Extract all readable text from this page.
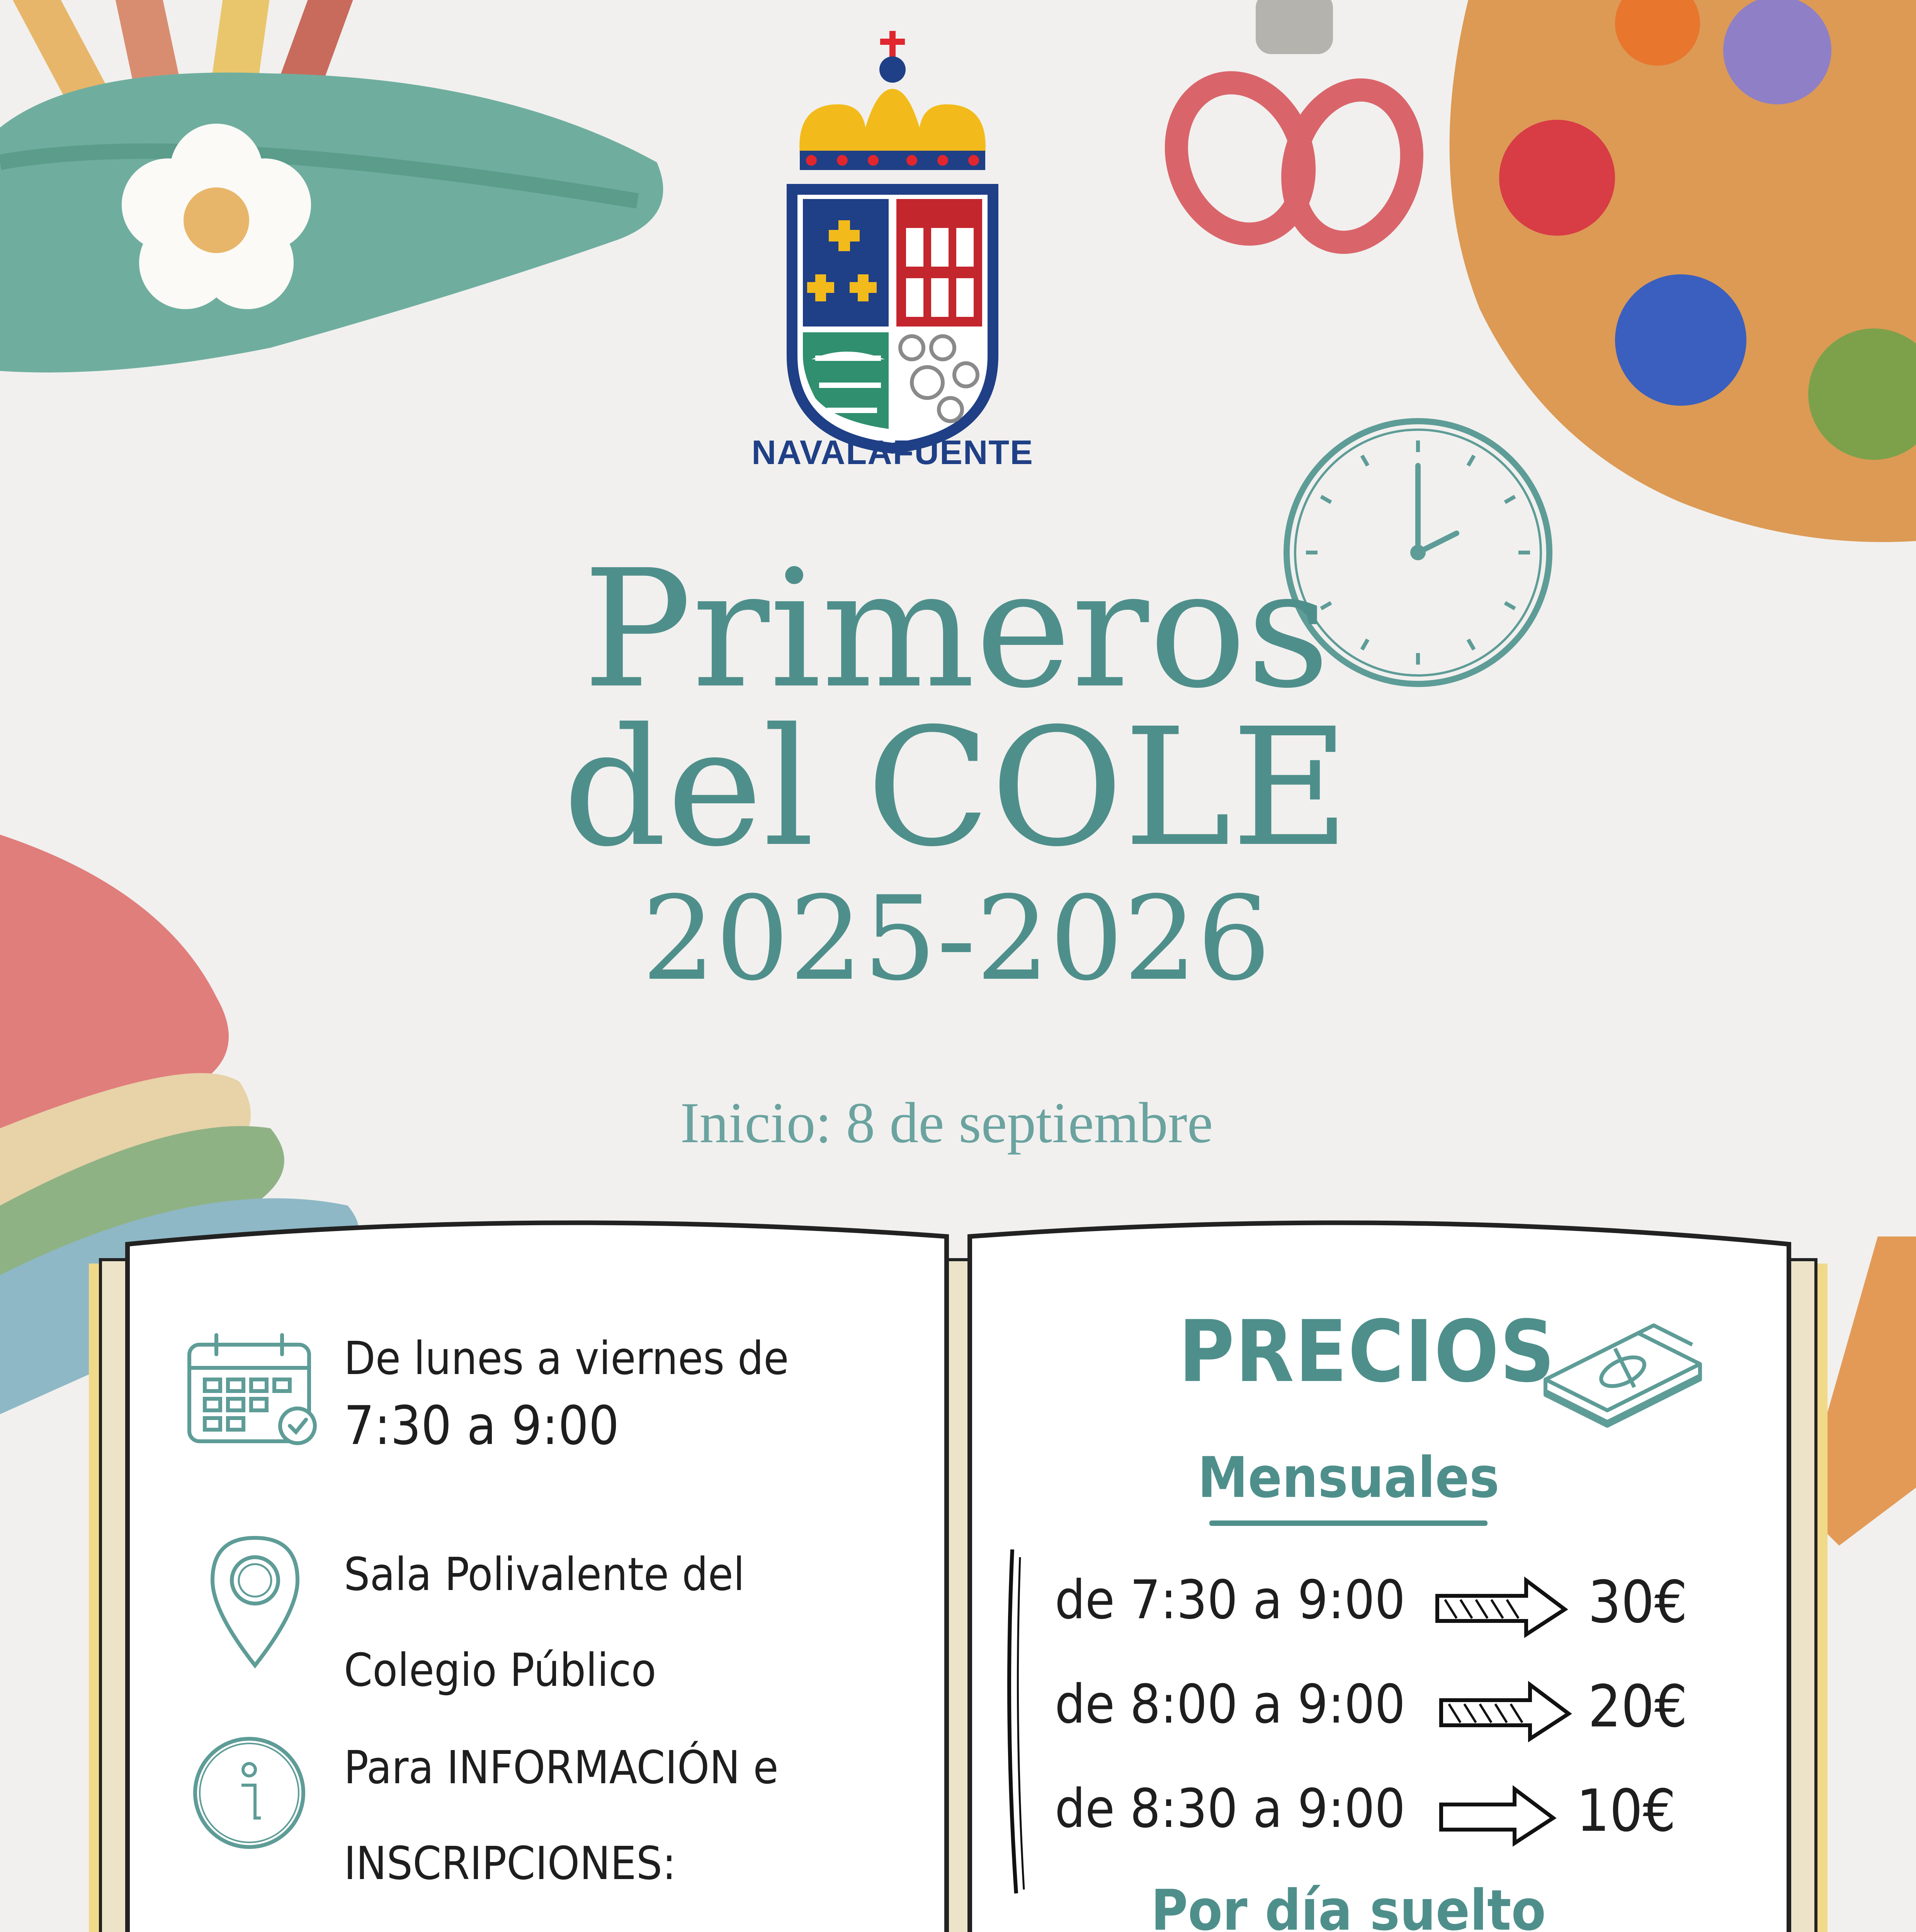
NAVALAFUENTE
Primeros
del COLE
2025-2026
Inicio: 8 de septiembre
De lunes a viernes de
7:30 a 9:00
Sala Polivalente del
Colegio Público
Para INFORMACIÓN e
INSCRIPCIONES:
PRECIOS
Mensuales
de 7:30 a 9:00	30€
de 8:00 a 9:00	20€
de 8:30 a 9:00	10€
Por día suelto
